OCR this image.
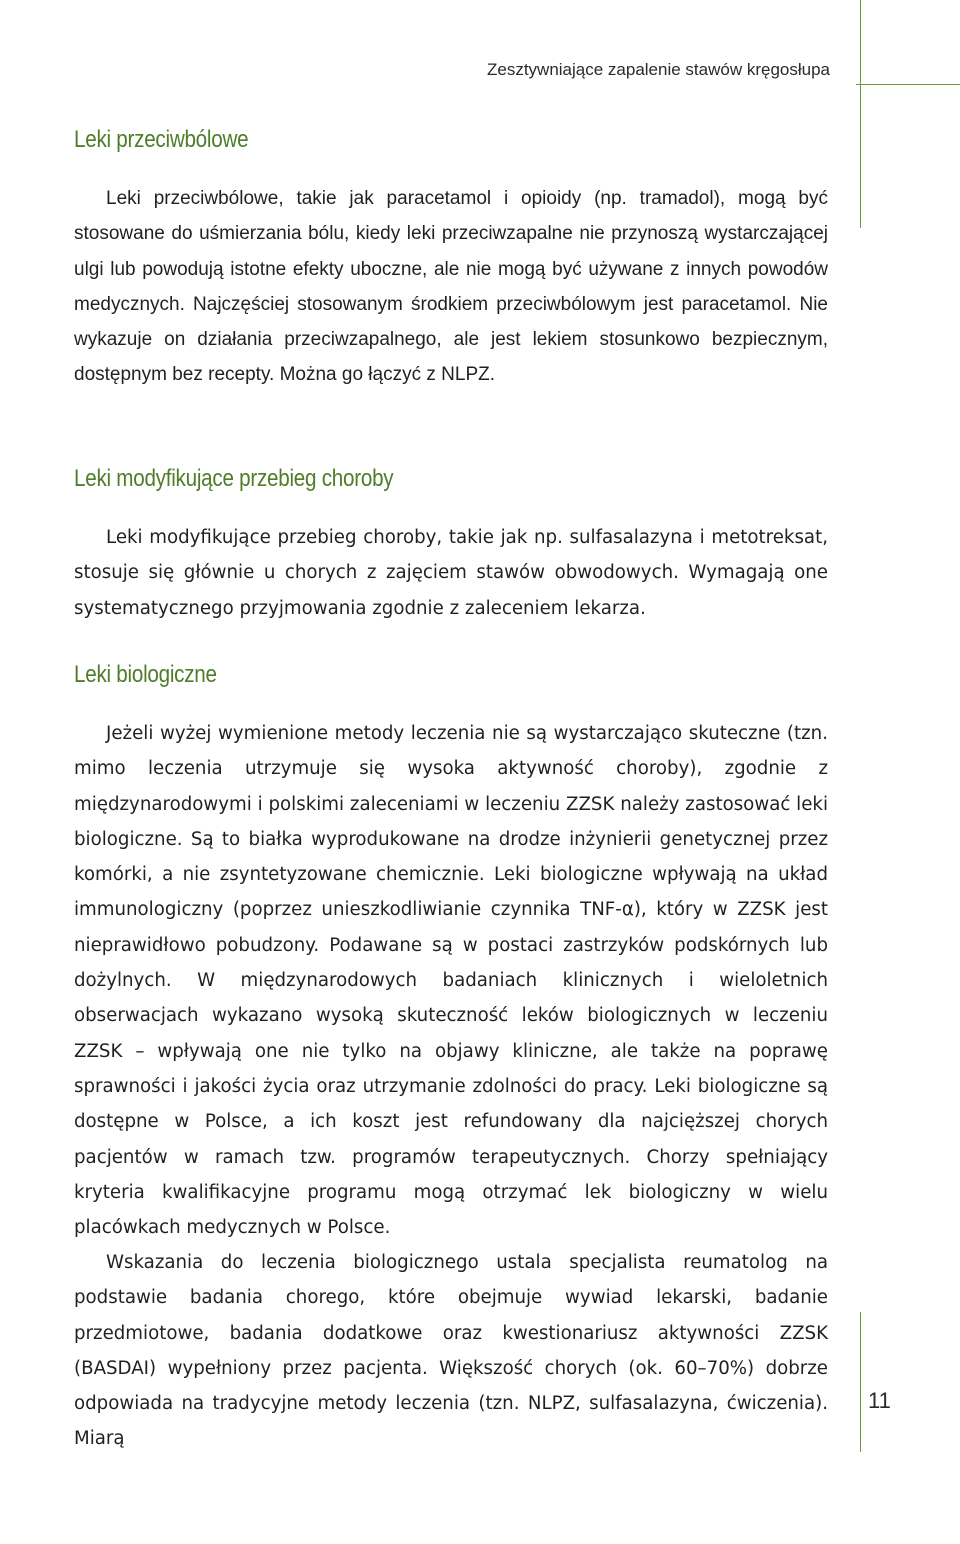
Zesztywniające zapalenie stawów kręgosłupa
11
Leki przeciwbólowe

Leki przeciwbólowe, takie jak paracetamol i opioidy (np. tramadol), mogą być stosowane do uśmierzania bólu, kiedy leki przeciwzapalne nie przynoszą wystarczającej ulgi lub powodują istotne efekty uboczne, ale nie mogą być używane z innych powodów medycznych. Najczęściej stosowanym środkiem przeciwbólowym jest paracetamol. Nie wykazuje on działania przeciwzapalnego, ale jest lekiem stosunkowo bezpiecznym, dostępnym bez recepty. Można go łączyć z NLPZ.

Leki modyfikujące przebieg choroby

Leki modyfikujące przebieg choroby, takie jak np. sulfasalazyna i metotreksat, stosuje się głównie u chorych z zajęciem stawów obwodowych. Wymagają one systematycznego przyjmowania zgodnie z zaleceniem lekarza.

Leki biologiczne

Jeżeli wyżej wymienione metody leczenia nie są wystarczająco skuteczne (tzn. mimo leczenia utrzymuje się wysoka aktywność choroby), zgodnie z międzynarodowymi i polskimi zaleceniami w leczeniu ZZSK należy zastosować leki biologiczne. Są to białka wyprodukowane na drodze inżynierii genetycznej przez komórki, a nie zsyntetyzowane chemicznie. Leki biologiczne wpływają na układ immunologiczny (poprzez unieszkodliwianie czynnika TNF-α), który w ZZSK jest nieprawidłowo pobudzony. Podawane są w postaci zastrzyków podskórnych lub dożylnych. W międzynarodowych badaniach klinicznych i wieloletnich obserwacjach wykazano wysoką skuteczność leków biologicznych w leczeniu ZZSK – wpływają one nie tylko na objawy kliniczne, ale także na poprawę sprawności i jakości życia oraz utrzymanie zdolności do pracy. Leki biologiczne są dostępne w Polsce, a ich koszt jest refundowany dla najcięższej chorych pacjentów w ramach tzw. programów terapeutycznych. Chorzy spełniający kryteria kwalifikacyjne programu mogą otrzymać lek biologiczny w wielu placówkach medycznych w Polsce.

Wskazania do leczenia biologicznego ustala specjalista reumatolog na podstawie badania chorego, które obejmuje wywiad lekarski, badanie przedmiotowe, badania dodatkowe oraz kwestionariusz aktywności ZZSK (BASDAI) wypełniony przez pacjenta. Większość chorych (ok. 60–70%) dobrze odpowiada na tradycyjne metody leczenia (tzn. NLPZ, sulfasalazyna, ćwiczenia). Miarą
